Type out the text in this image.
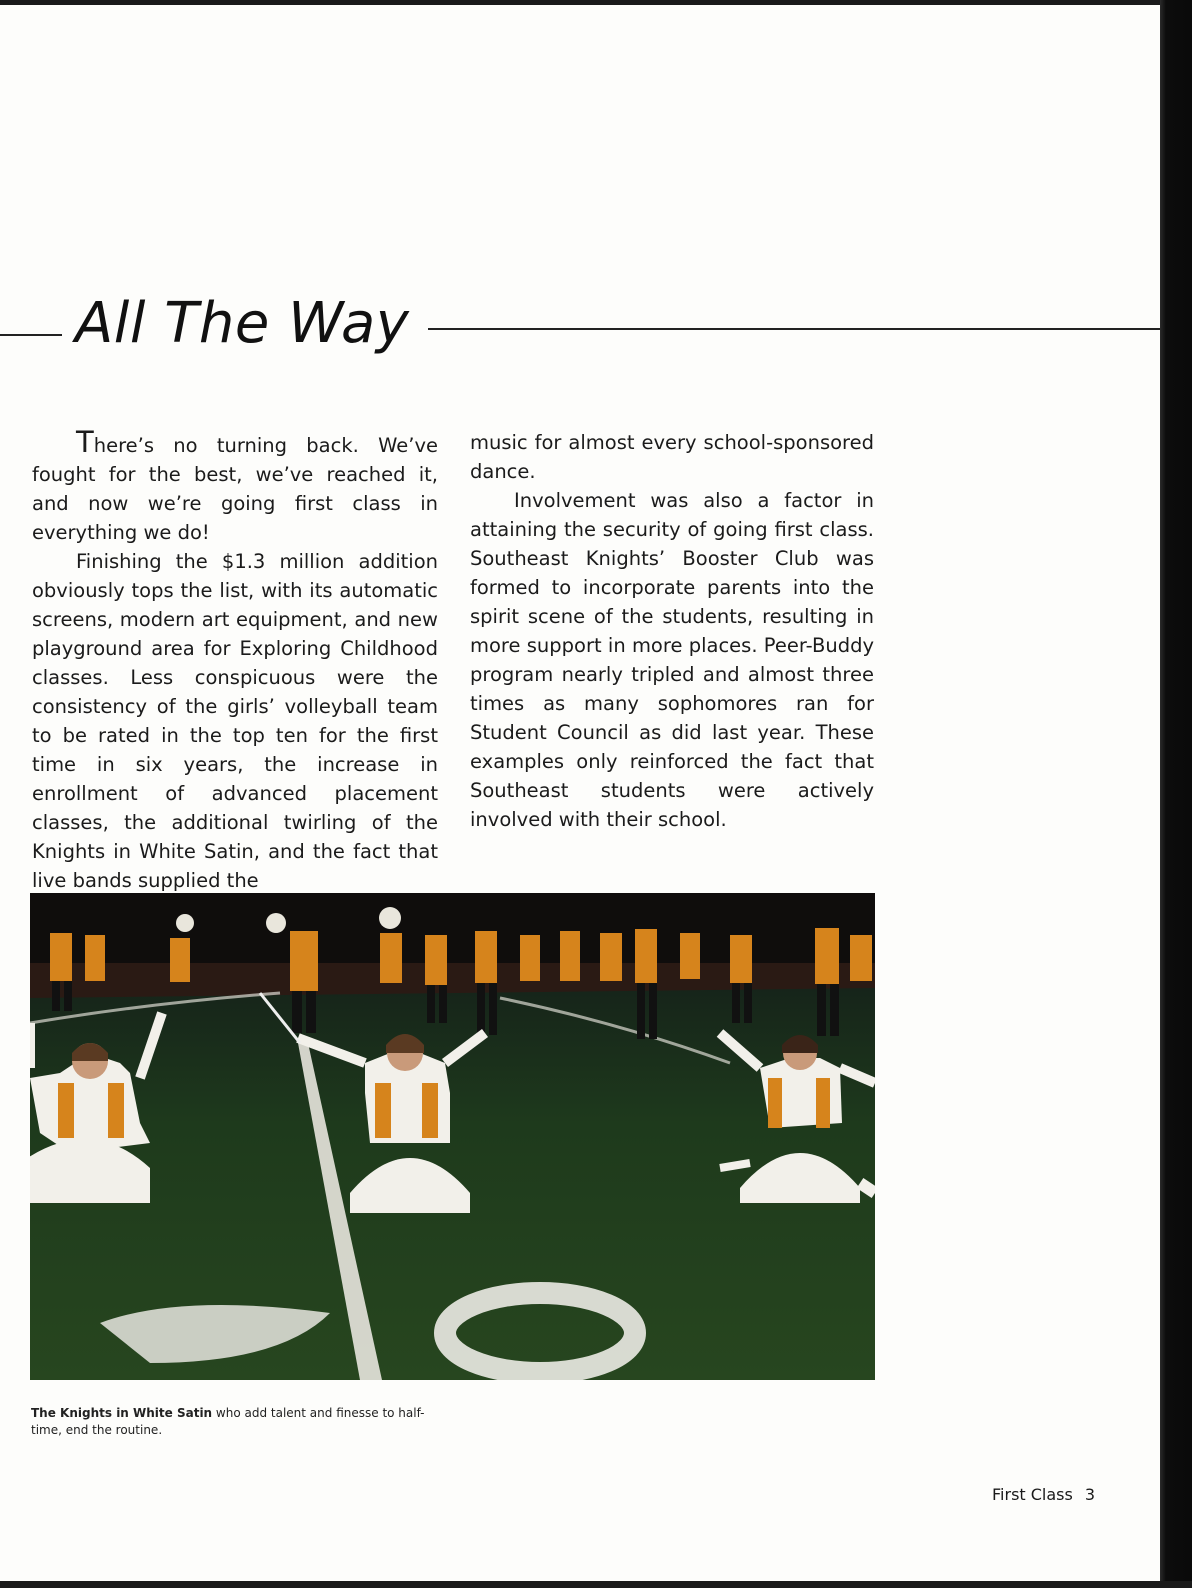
All The Way

There’s no turning back. We’ve fought for the best, we’ve reached it, and now we’re going first class in everything we do!

Finishing the $1.3 million addition obviously tops the list, with its automatic screens, modern art equipment, and new playground area for Exploring Childhood classes. Less conspicuous were the consistency of the girls’ volleyball team to be rated in the top ten for the first time in six years, the increase in enrollment of advanced placement classes, the additional twirling of the Knights in White Satin, and the fact that live bands supplied the

music for almost every school-sponsored dance.

Involvement was also a factor in attaining the security of going first class. Southeast Knights’ Booster Club was formed to incorporate parents into the spirit scene of the students, resulting in more support in more places. Peer-Buddy program nearly tripled and almost three times as many sophomores ran for Student Council as did last year. These examples only reinforced the fact that Southeast students were actively involved with their school.

The Knights in White Satin who add talent and finesse to half-time, end the routine.
First Class 3
